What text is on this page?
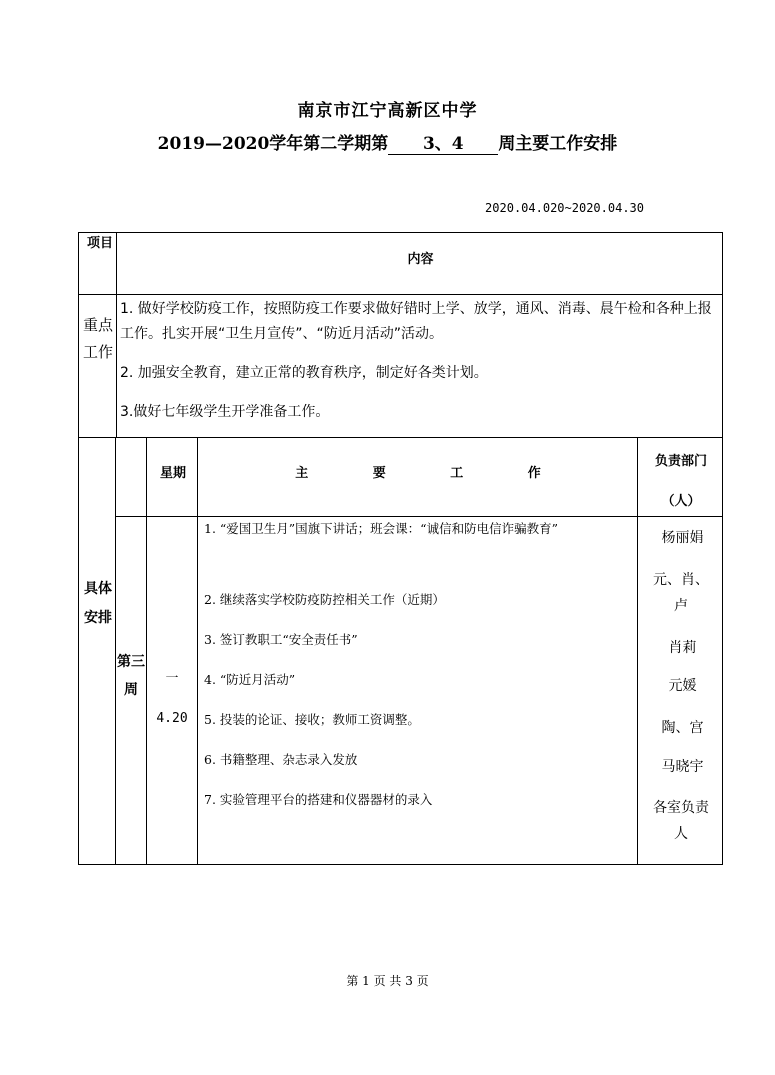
南京市江宁高新区中学
2019—2020学年第二学期第 3、4 周主要工作安排
2020.04.020~2020.04.30
项目
内容
重点工作
1. 做好学校防疫工作，按照防疫工作要求做好错时上学、放学，通风、消毒、晨午检和各种上报工作。扎实开展“卫生月宣传”、“防近月活动”活动。
2. 加强安全教育，建立正常的教育秩序，制定好各类计划。
3.做好七年级学生开学准备工作。
具体安排
星期	主 要 工 作
负责部门
（人）
第三周
一
4.20
1. “爱国卫生月”国旗下讲话；班会课：“诚信和防电信诈骗教育”
2. 继续落实学校防疫防控相关工作（近期）
3. 签订教职工“安全责任书”
4. “防近月活动”
5. 投装的论证、接收；教师工资调整。
6. 书籍整理、杂志录入发放
7. 实验管理平台的搭建和仪器器材的录入
杨丽娟
元、肖、卢
肖莉
元媛
陶、宫
马晓宇
各室负责人
第 1 页 共 3 页
